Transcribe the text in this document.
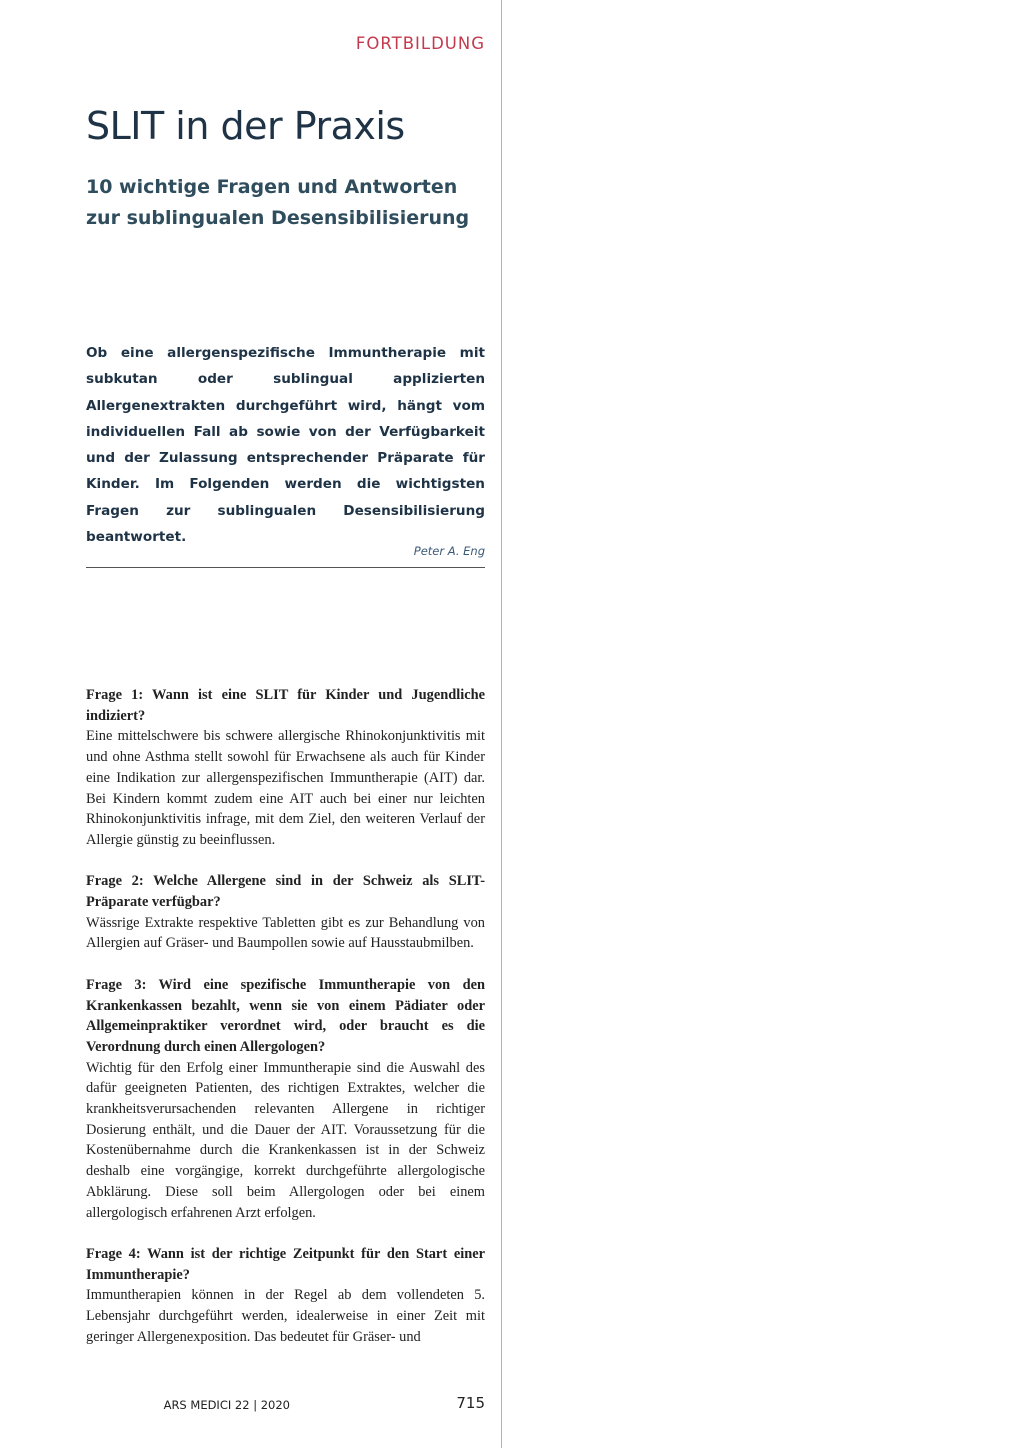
FORTBILDUNG
SLIT in der Praxis
10 wichtige Fragen und Antworten
zur sublingualen Desensibilisierung

Ob eine allergenspezifische Immuntherapie mit subkutan oder sublingual applizierten Allergenextrakten durchgeführt wird, hängt vom individuellen Fall ab sowie von der Verfügbarkeit und der Zulassung entsprechender Präparate für Kinder. Im Folgenden werden die wichtigsten Fragen zur sublingualen Desensibilisierung beantwortet.

Peter A. Eng

Frage 1: Wann ist eine SLIT für Kinder und Jugendliche indiziert?

Eine mittelschwere bis schwere allergische Rhinokonjunktivitis mit und ohne Asthma stellt sowohl für Erwachsene als auch für Kinder eine Indikation zur allergenspezifischen Immuntherapie (AIT) dar. Bei Kindern kommt zudem eine AIT auch bei einer nur leichten Rhinokonjunktivitis infrage, mit dem Ziel, den weiteren Verlauf der Allergie günstig zu beeinflussen.

Frage 2: Welche Allergene sind in der Schweiz als SLIT-Präparate verfügbar?

Wässrige Extrakte respektive Tabletten gibt es zur Behandlung von Allergien auf Gräser- und Baumpollen sowie auf Hausstaubmilben.

Frage 3: Wird eine spezifische Immuntherapie von den Krankenkassen bezahlt, wenn sie von einem Pädiater oder Allgemeinpraktiker verordnet wird, oder braucht es die Verordnung durch einen Allergologen?

Wichtig für den Erfolg einer Immuntherapie sind die Auswahl des dafür geeigneten Patienten, des richtigen Extraktes, welcher die krankheitsverursachenden relevanten Allergene in richtiger Dosierung enthält, und die Dauer der AIT. Voraussetzung für die Kostenübernahme durch die Krankenkassen ist in der Schweiz deshalb eine vorgängige, korrekt durchgeführte allergologische Abklärung. Diese soll beim Allergologen oder bei einem allergologisch erfahrenen Arzt erfolgen.

Frage 4: Wann ist der richtige Zeitpunkt für den Start einer Immuntherapie?

Immuntherapien können in der Regel ab dem vollendeten 5. Lebensjahr durchgeführt werden, idealerweise in einer Zeit mit geringer Allergenexposition. Das bedeutet für Gräser- und

ARS MEDICI 22 | 2020	715
